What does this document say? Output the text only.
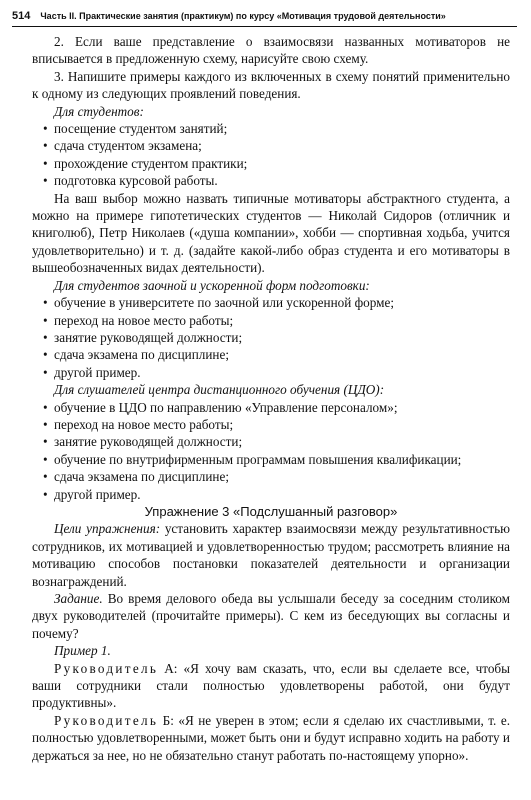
514 Часть II. Практические занятия (практикум) по курсу «Мотивация трудовой деятельности»

2. Если ваше представление о взаимосвязи названных мотиваторов не вписывается в предложенную схему, нарисуйте свою схему.

3. Напишите примеры каждого из включенных в схему понятий применительно к одному из следующих проявлений поведения.

Для студентов:

• посещение студентом занятий;
• сдача студентом экзамена;
• прохождение студентом практики;
• подготовка курсовой работы.

На ваш выбор можно назвать типичные мотиваторы абстрактного студента, а можно на примере гипотетических студентов — Николай Сидоров (отличник и книголюб), Петр Николаев («душа компании», хобби — спортивная ходьба, учится удовлетворительно) и т. д. (задайте какой-либо образ студента и его мотиваторы в вышеобозначенных видах деятельности).

Для студентов заочной и ускоренной форм подготовки:

• обучение в университете по заочной или ускоренной форме;
• переход на новое место работы;
• занятие руководящей должности;
• сдача экзамена по дисциплине;
• другой пример.

Для слушателей центра дистанционного обучения (ЦДО):

• обучение в ЦДО по направлению «Управление персоналом»;
• переход на новое место работы;
• занятие руководящей должности;
• обучение по внутрифирменным программам повышения квалификации;
• сдача экзамена по дисциплине;
• другой пример.

Упражнение 3 «Подслушанный разговор»

Цели упражнения: установить характер взаимосвязи между результативностью сотрудников, их мотивацией и удовлетворенностью трудом; рассмотреть влияние на мотивацию способов постановки показателей деятельности и организации вознаграждений.

Задание. Во время делового обеда вы услышали беседу за соседним столиком двух руководителей (прочитайте примеры). С кем из беседующих вы согласны и почему?

Пример 1.

Руководитель А: «Я хочу вам сказать, что, если вы сделаете все, чтобы ваши сотрудники стали полностью удовлетворены работой, они будут продуктивны».

Руководитель Б: «Я не уверен в этом; если я сделаю их счастливыми, т. е. полностью удовлетворенными, может быть они и будут исправно ходить на работу и держаться за нее, но не обязательно станут работать по-настоящему упорно».
